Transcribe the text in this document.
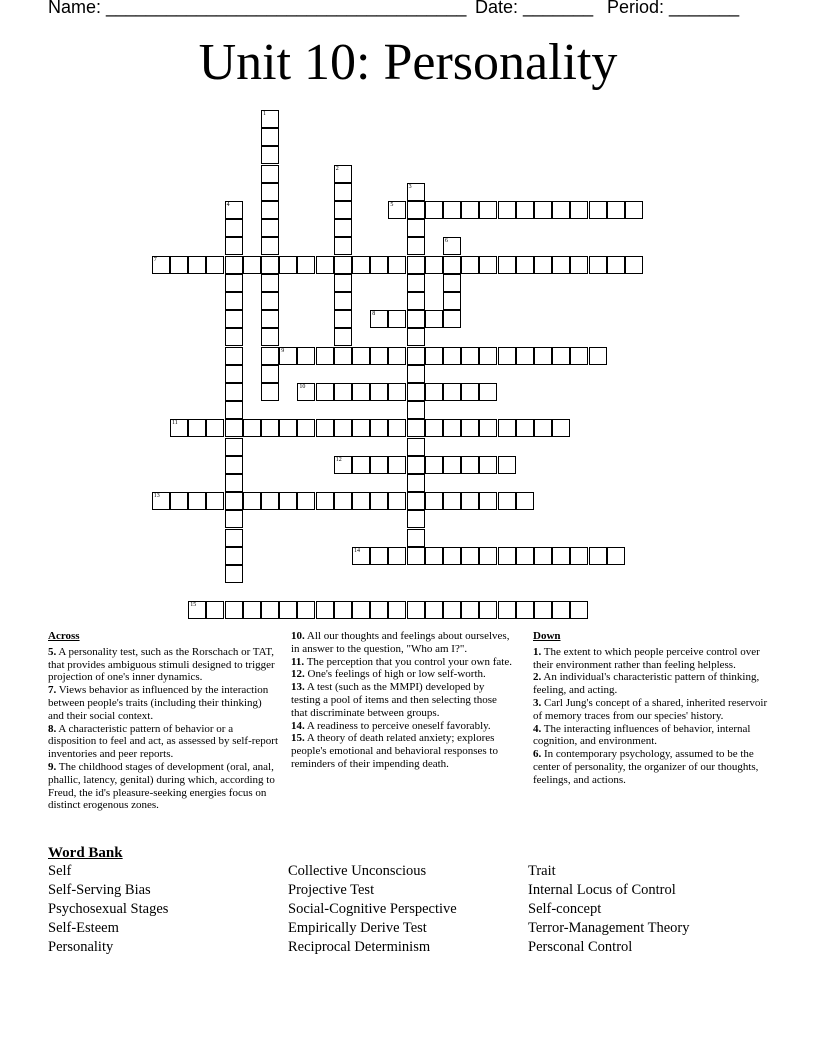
Name: ____________________________________ Date: _______ Period: _______
Unit 10: Personality
1
2
3
4	5
6
7
8
9
10
11
12
13
14
15

Across

5. A personality test, such as the Rorschach or TAT, that provides ambiguous stimuli designed to trigger projection of one's inner dynamics.

7. Views behavior as influenced by the interaction between people's traits (including their thinking) and their social context.

8. A characteristic pattern of behavior or a disposition to feel and act, as assessed by self-report inventories and peer reports.

9. The childhood stages of development (oral, anal, phallic, latency, genital) during which, according to Freud, the id's pleasure-seeking energies focus on distinct erogenous zones.

10. All our thoughts and feelings about ourselves, in answer to the question, "Who am I?".

11. The perception that you control your own fate.

12. One's feelings of high or low self-worth.

13. A test (such as the MMPI) developed by testing a pool of items and then selecting those that discriminate between groups.

14. A readiness to perceive oneself favorably.

15. A theory of death related anxiety; explores people's emotional and behavioral responses to reminders of their impending death.

Down

1. The extent to which people perceive control over their environment rather than feeling helpless.

2. An individual's characteristic pattern of thinking, feeling, and acting.

3. Carl Jung's concept of a shared, inherited reservoir of memory traces from our species' history.

4. The interacting influences of behavior, internal cognition, and environment.

6. In contemporary psychology, assumed to be the center of personality, the organizer of our thoughts, feelings, and actions.

Word Bank
Self
Self-Serving Bias
Psychosexual Stages
Self-Esteem
Personality
Collective Unconscious
Projective Test
Social-Cognitive Perspective
Empirically Derive Test
Reciprocal Determinism
Trait
Internal Locus of Control
Self-concept
Terror-Management Theory
Persconal Control
